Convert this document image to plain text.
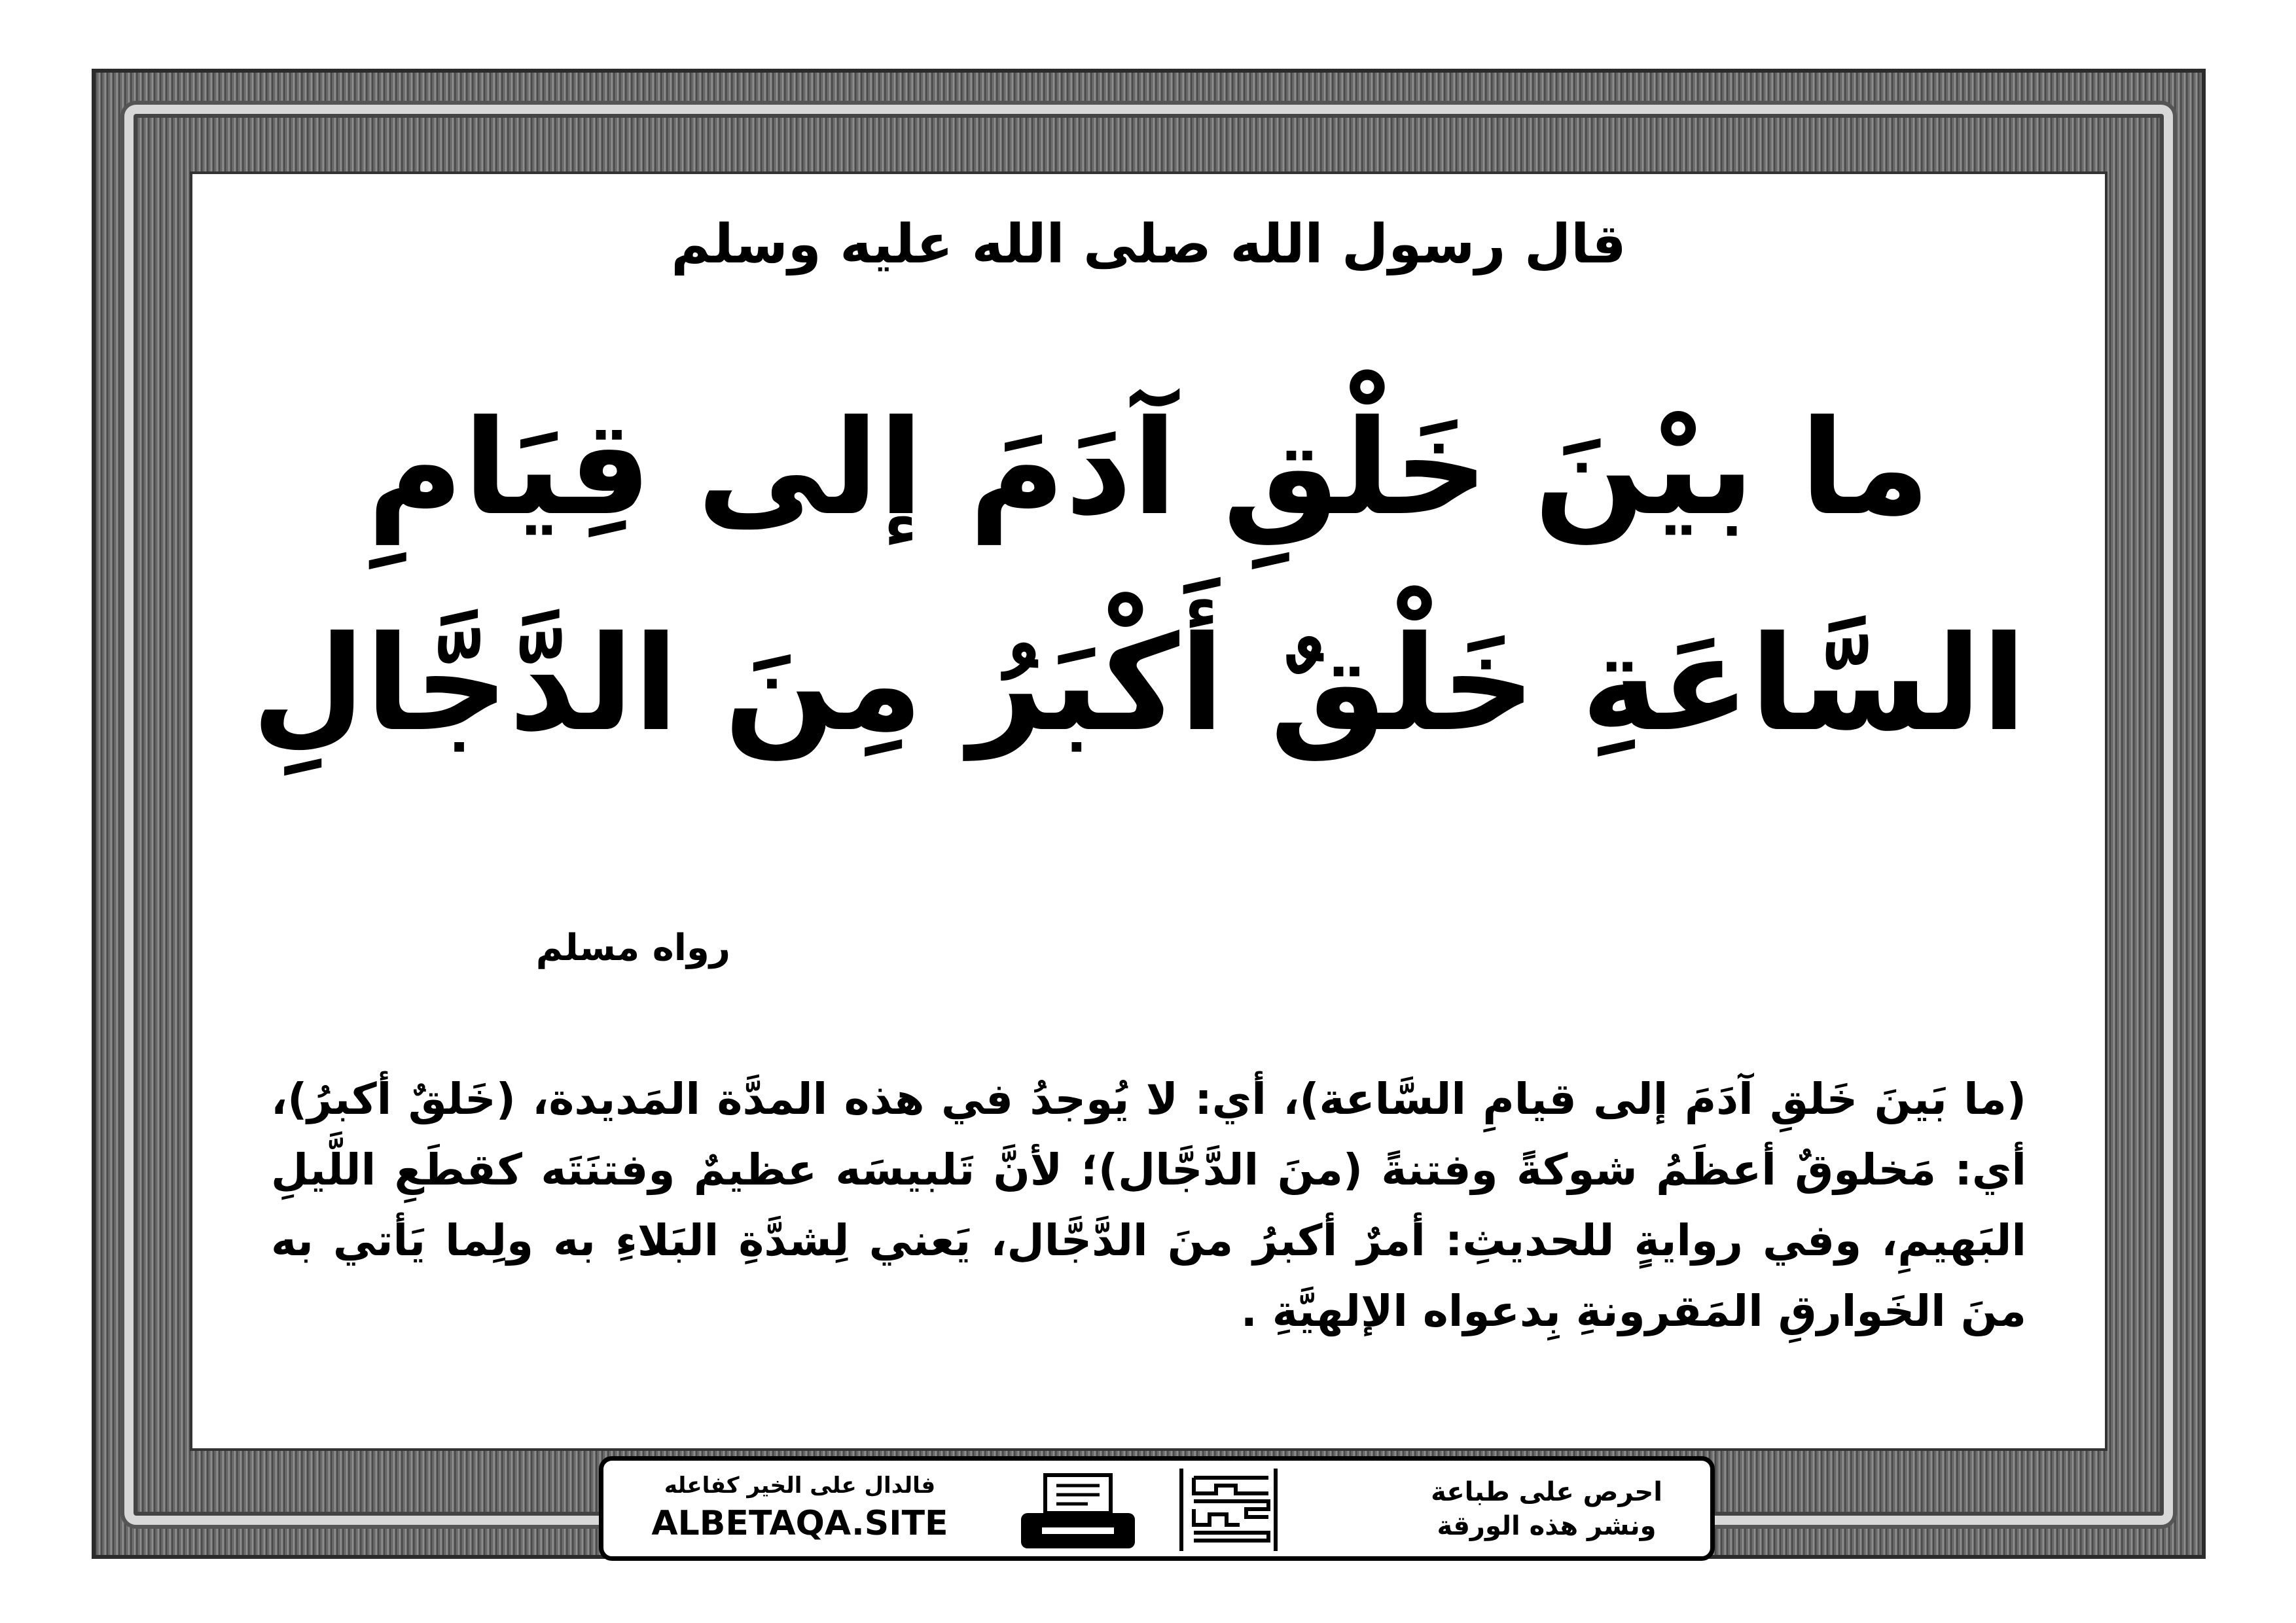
قال رسول الله صلى الله عليه وسلم
ما بيْنَ خَلْقِ آدَمَ إلى قِيَامِ
السَّاعَةِ خَلْقٌ أَكْبَرُ مِنَ الدَّجَّالِ
رواه مسلم
(ما بَينَ خَلقِ آدَمَ إلى قيامِ السَّاعة)، أي: لا يُوجدُ في هذه المدَّة المَديدة، (خَلقٌ أكبرُ)، أي: مَخلوقٌ أعظَمُ شوكةً وفتنةً (منَ الدَّجَّال)؛ لأنَّ تَلبيسَه عظيمٌ وفتنَتَه كقطَعِ اللَّيلِ البَهيمِ، وفي روايةٍ للحديثِ: أمرٌ أكبرُ منَ الدَّجَّال، يَعني لِشدَّةِ البَلاءِ به ولِما يَأتي به منَ الخَوارقِ المَقرونةِ بِدعواه الإلهيَّةِ .
احرص على طباعة
ونشر هذه الورقة
فالدال على الخير كفاعله
ALBETAQA.SITE
